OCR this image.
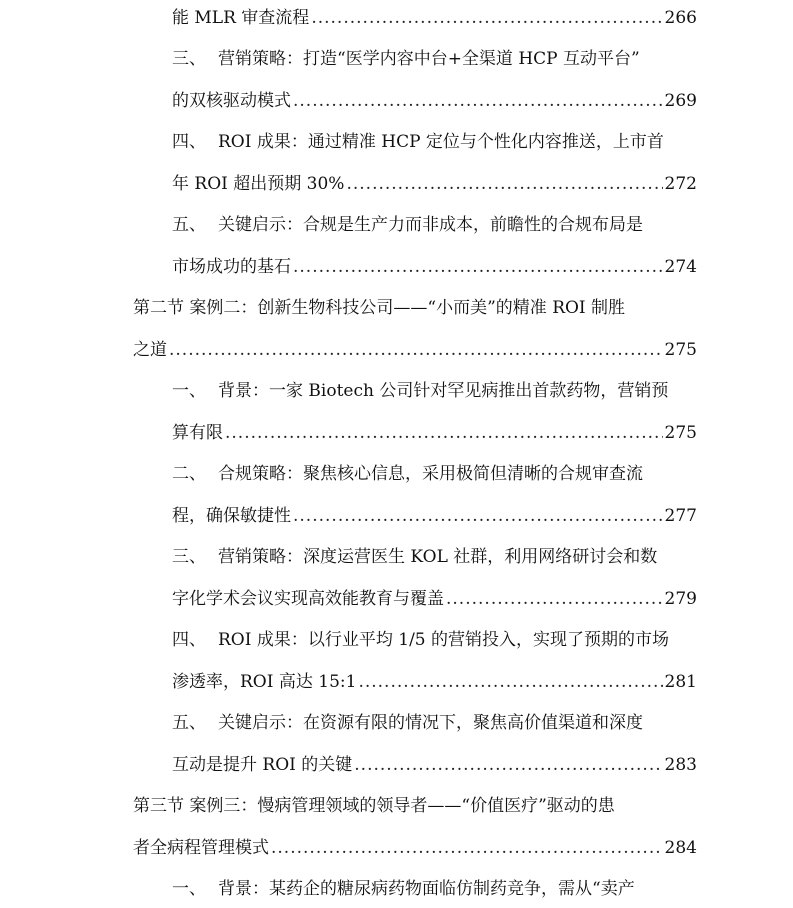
能 MLR 审查流程 .....	266
三、 营销策略：打造“医学内容中台+全渠道 HCP 互动平台”
的双核驱动模式 .....	269
四、 ROI 成果：通过精准 HCP 定位与个性化内容推送，上市首
年 ROI 超出预期 30% .....	272
五、 关键启示：合规是生产力而非成本，前瞻性的合规布局是
市场成功的基石 .....	274
第二节 案例二：创新生物科技公司——“小而美”的精准 ROI 制胜
之道 .....	275
一、 背景：一家 Biotech 公司针对罕见病推出首款药物，营销预
算有限 .....	275
二、 合规策略：聚焦核心信息，采用极简但清晰的合规审查流
程，确保敏捷性 .....	277
三、 营销策略：深度运营医生 KOL 社群，利用网络研讨会和数
字化学术会议实现高效能教育与覆盖 .....	279
四、 ROI 成果：以行业平均 1/5 的营销投入，实现了预期的市场
渗透率，ROI 高达 15:1 .....	281
五、 关键启示：在资源有限的情况下，聚焦高价值渠道和深度
互动是提升 ROI 的关键 .....	283
第三节 案例三：慢病管理领域的领导者——“价值医疗”驱动的患
者全病程管理模式 .....	284
一、 背景：某药企的糖尿病药物面临仿制药竞争，需从“卖产
